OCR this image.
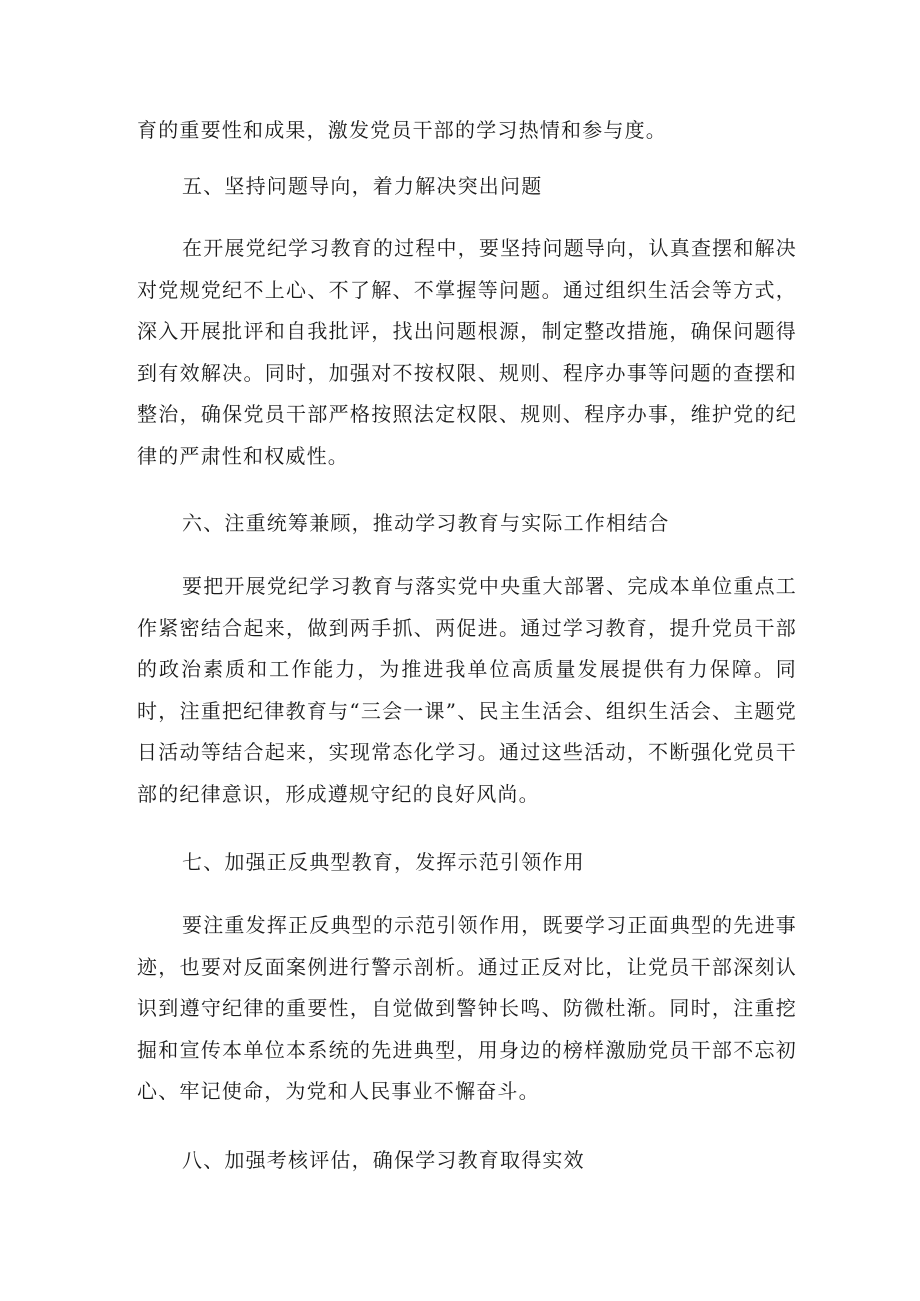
育的重要性和成果，激发党员干部的学习热情和参与度。
五、坚持问题导向，着力解决突出问题
在开展党纪学习教育的过程中，要坚持问题导向，认真查摆和解决对党规党纪不上心、不了解、不掌握等问题。通过组织生活会等方式，深入开展批评和自我批评，找出问题根源，制定整改措施，确保问题得到有效解决。同时，加强对不按权限、规则、程序办事等问题的查摆和整治，确保党员干部严格按照法定权限、规则、程序办事，维护党的纪律的严肃性和权威性。
六、注重统筹兼顾，推动学习教育与实际工作相结合
要把开展党纪学习教育与落实党中央重大部署、完成本单位重点工作紧密结合起来，做到两手抓、两促进。通过学习教育，提升党员干部的政治素质和工作能力，为推进我单位高质量发展提供有力保障。同时，注重把纪律教育与“三会一课”、民主生活会、组织生活会、主题党日活动等结合起来，实现常态化学习。通过这些活动，不断强化党员干部的纪律意识，形成遵规守纪的良好风尚。
七、加强正反典型教育，发挥示范引领作用
要注重发挥正反典型的示范引领作用，既要学习正面典型的先进事迹，也要对反面案例进行警示剖析。通过正反对比，让党员干部深刻认识到遵守纪律的重要性，自觉做到警钟长鸣、防微杜渐。同时，注重挖掘和宣传本单位本系统的先进典型，用身边的榜样激励党员干部不忘初心、牢记使命，为党和人民事业不懈奋斗。
八、加强考核评估，确保学习教育取得实效
